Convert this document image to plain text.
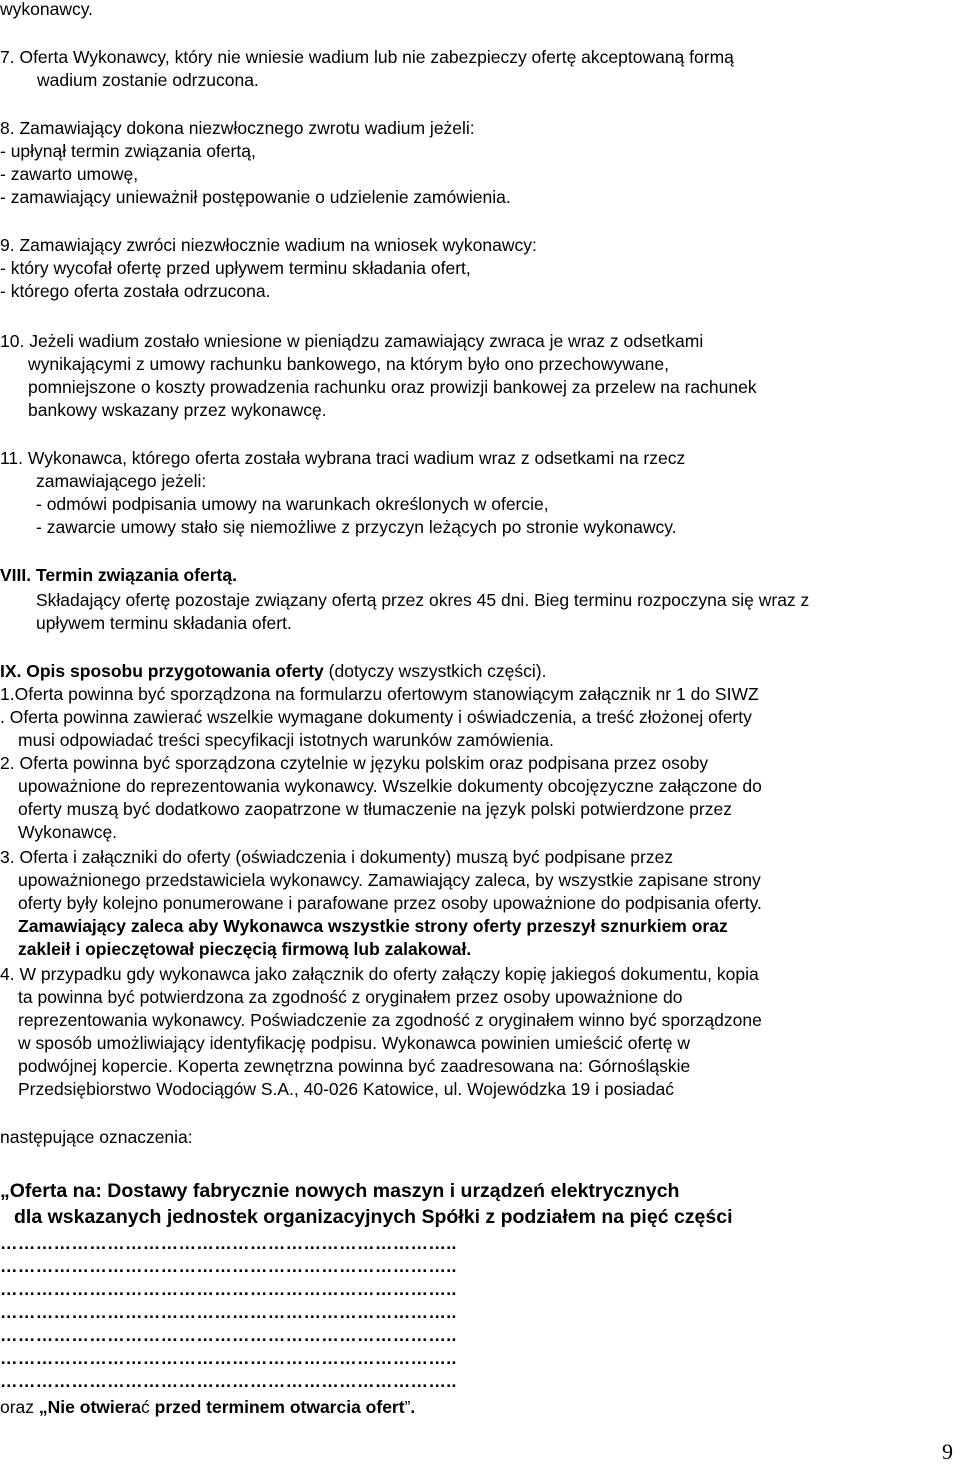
wykonawcy.
7. Oferta Wykonawcy, który nie wniesie wadium lub nie zabezpieczy ofertę akceptowaną formą
wadium zostanie odrzucona.
8. Zamawiający dokona niezwłocznego zwrotu wadium jeżeli:
- upłynął termin związania ofertą,
- zawarto umowę,
- zamawiający unieważnił postępowanie o udzielenie zamówienia.
9. Zamawiający zwróci niezwłocznie wadium na wniosek wykonawcy:
- który wycofał ofertę przed upływem terminu składania ofert,
- którego oferta została odrzucona.
10. Jeżeli wadium zostało wniesione w pieniądzu zamawiający zwraca je wraz z odsetkami
wynikającymi z umowy rachunku bankowego, na którym było ono przechowywane,
pomniejszone o koszty prowadzenia rachunku oraz prowizji bankowej za przelew na rachunek
bankowy wskazany przez wykonawcę.
11. Wykonawca, którego oferta została wybrana traci wadium wraz z odsetkami na rzecz
zamawiającego jeżeli:
- odmówi podpisania umowy na warunkach określonych w ofercie,
- zawarcie umowy stało się niemożliwe z przyczyn leżących po stronie wykonawcy.
VIII. Termin związania ofertą.
Składający ofertę pozostaje związany ofertą przez okres 45 dni. Bieg terminu rozpoczyna się wraz z
upływem terminu składania ofert.
IX. Opis sposobu przygotowania oferty (dotyczy wszystkich części).
1.Oferta powinna być sporządzona na formularzu ofertowym stanowiącym załącznik nr 1 do SIWZ
. Oferta powinna zawierać wszelkie wymagane dokumenty i oświadczenia, a treść złożonej oferty
musi odpowiadać treści specyfikacji istotnych warunków zamówienia.
2. Oferta powinna być sporządzona czytelnie w języku polskim oraz podpisana przez osoby
upoważnione do reprezentowania wykonawcy. Wszelkie dokumenty obcojęzyczne załączone do
oferty muszą być dodatkowo zaopatrzone w tłumaczenie na język polski potwierdzone przez
Wykonawcę.
3. Oferta i załączniki do oferty (oświadczenia i dokumenty) muszą być podpisane przez
upoważnionego przedstawiciela wykonawcy. Zamawiający zaleca, by wszystkie zapisane strony
oferty były kolejno ponumerowane i parafowane przez osoby upoważnione do podpisania oferty.
Zamawiający zaleca aby Wykonawca wszystkie strony oferty przeszył sznurkiem oraz
zakleił i opieczętował pieczęcią firmową lub zalakował.
4. W przypadku gdy wykonawca jako załącznik do oferty załączy kopię jakiegoś dokumentu, kopia
ta powinna być potwierdzona za zgodność z oryginałem przez osoby upoważnione do
reprezentowania wykonawcy. Poświadczenie za zgodność z oryginałem winno być sporządzone
w sposób umożliwiający identyfikację podpisu. Wykonawca powinien umieścić ofertę w
podwójnej kopercie. Koperta zewnętrzna powinna być zaadresowana na: Górnośląskie
Przedsiębiorstwo Wodociągów S.A., 40-026 Katowice, ul. Wojewódzka 19 i posiadać
następujące oznaczenia:
„Oferta na: Dostawy fabrycznie nowych maszyn i urządzeń elektrycznych
dla wskazanych jednostek organizacyjnych Spółki z podziałem na pięć części
…………………………………………………………………..
…………………………………………………………………..
…………………………………………………………………..
…………………………………………………………………..
…………………………………………………………………..
…………………………………………………………………..
…………………………………………………………………..
oraz „Nie otwierać przed terminem otwarcia ofert”.
9
